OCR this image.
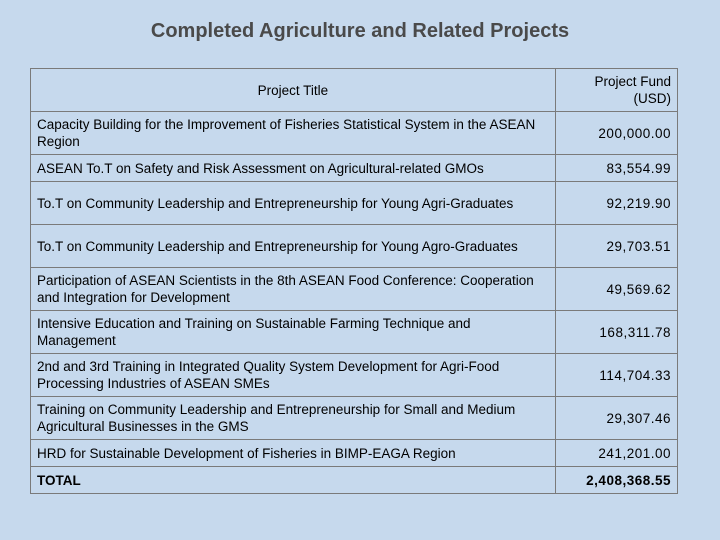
Completed Agriculture and Related Projects
Project Title	Project Fund
(USD)
Capacity Building for the Improvement of Fisheries Statistical System in the ASEAN Region	200,000.00
ASEAN To.T on Safety and Risk Assessment on Agricultural-related GMOs	83,554.99
To.T on Community Leadership and Entrepreneurship for Young Agri-Graduates	92,219.90
To.T on Community Leadership and Entrepreneurship for Young Agro-Graduates	29,703.51
Participation of ASEAN Scientists in the 8th ASEAN Food Conference: Cooperation and Integration for Development	49,569.62
Intensive Education and Training on Sustainable Farming Technique and Management	168,311.78
2nd and 3rd Training in Integrated Quality System Development for Agri-Food Processing Industries of ASEAN SMEs	114,704.33
Training on Community Leadership and Entrepreneurship for Small and Medium Agricultural Businesses in the GMS	29,307.46
HRD for Sustainable Development of Fisheries in BIMP-EAGA Region	241,201.00
TOTAL	2,408,368.55
